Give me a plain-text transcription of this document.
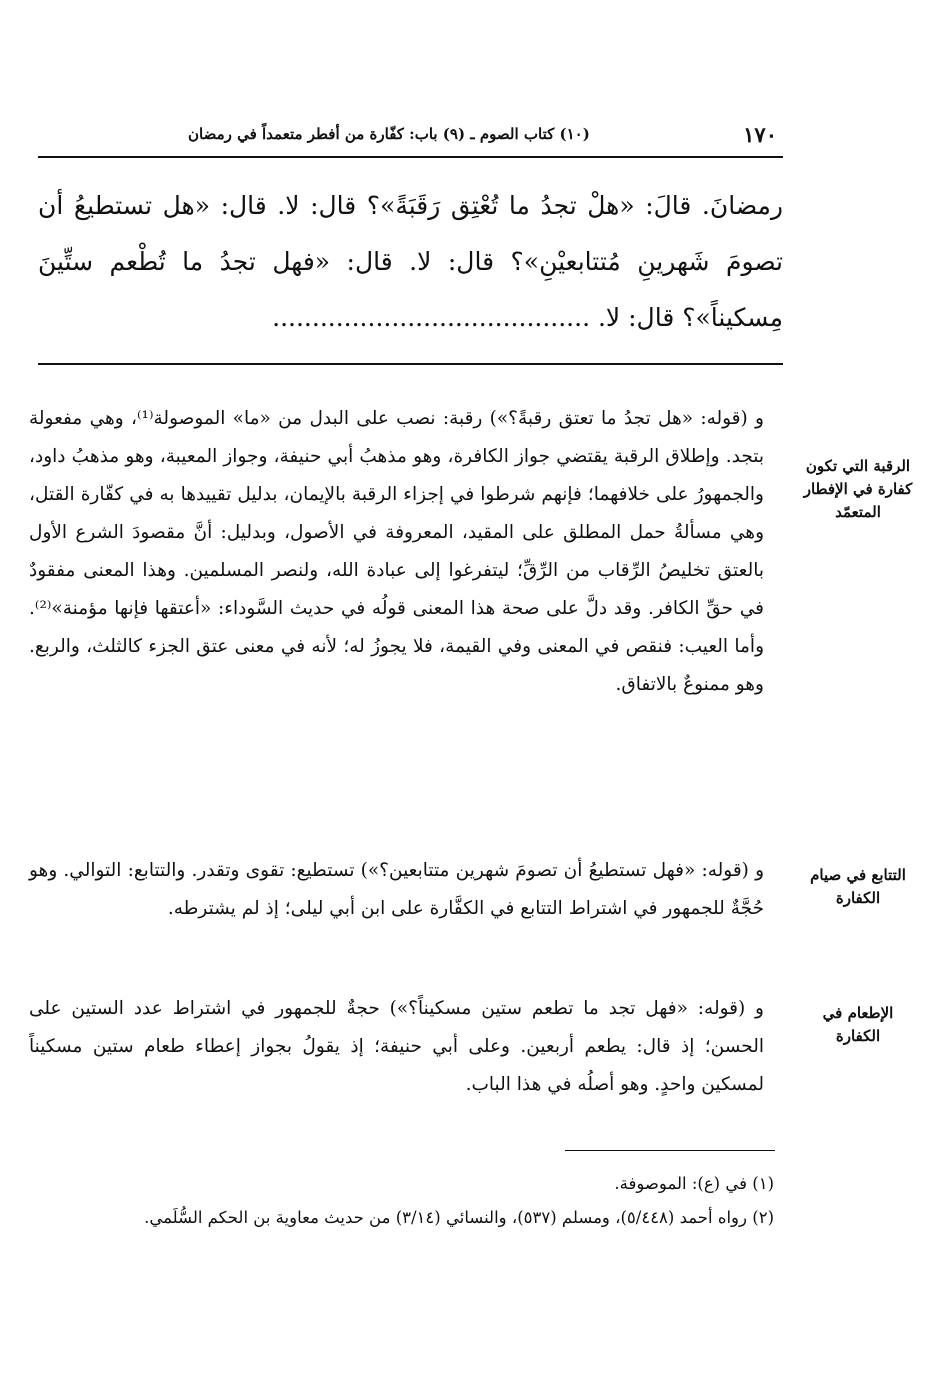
١٧٠
(١٠) كتاب الصوم ـ (٩) باب: كفّارة من أفطر متعمداً في رمضان
رمضانَ. قالَ: «هلْ تجدُ ما تُعْتِق رَقَبَةً»؟ قال: لا. قال: «هل تستطيعُ أن
تصومَ شَهرينِ مُتتابعيْنِ»؟ قال: لا. قال: «فهل تجدُ ما تُطْعم ستِّينَ
مِسكيناً»؟ قال: لا. ........................................
الرقبة التي تكون كفارة في الإفطار المتعمّد
و (قوله: «هل تجدُ ما تعتق رقبةً؟») رقبة: نصب على البدل من «ما» الموصولة⁽¹⁾، وهي مفعولة بتجد. وإطلاق الرقبة يقتضي جواز الكافرة، وهو مذهبُ أبي حنيفة، وجواز المعيبة، وهو مذهبُ داود، والجمهورُ على خلافهما؛ فإنهم شرطوا في إجزاء الرقبة بالإيمان، بدليل تقييدها به في كفّارة القتل، وهي مسألةُ حمل المطلق على المقيد، المعروفة في الأصول، وبدليل: أنَّ مقصودَ الشرع الأول بالعتق تخليصُ الرِّقاب من الرِّقِّ؛ ليتفرغوا إلى عبادة الله، ولنصر المسلمين. وهذا المعنى مفقودٌ في حقِّ الكافر. وقد دلَّ على صحة هذا المعنى قولُه في حديث السَّوداء: «أعتقها فإنها مؤمنة»⁽²⁾. وأما العيب: فنقص في المعنى وفي القيمة، فلا يجوزُ له؛ لأنه في معنى عتق الجزء كالثلث، والربع. وهو ممنوعٌ بالاتفاق.
التتابع في صيام الكفارة
و (قوله: «فهل تستطيعُ أن تصومَ شهرين متتابعين؟») تستطيع: تقوى وتقدر. والتتابع: التوالي. وهو حُجَّةٌ للجمهور في اشتراط التتابع في الكفَّارة على ابن أبي ليلى؛ إذ لم يشترطه.
الإطعام في الكفارة
و (قوله: «فهل تجد ما تطعم ستين مسكيناً؟») حجةٌ للجمهور في اشتراط عدد الستين على الحسن؛ إذ قال: يطعم أربعين. وعلى أبي حنيفة؛ إذ يقولُ بجواز إعطاء طعام ستين مسكيناً لمسكين واحدٍ. وهو أصلُه في هذا الباب.
(١) في (ع): الموصوفة.
(٢) رواه أحمد (٥/٤٤٨)، ومسلم (٥٣٧)، والنسائي (٣/١٤) من حديث معاوية بن الحكم السُّلَمي.
